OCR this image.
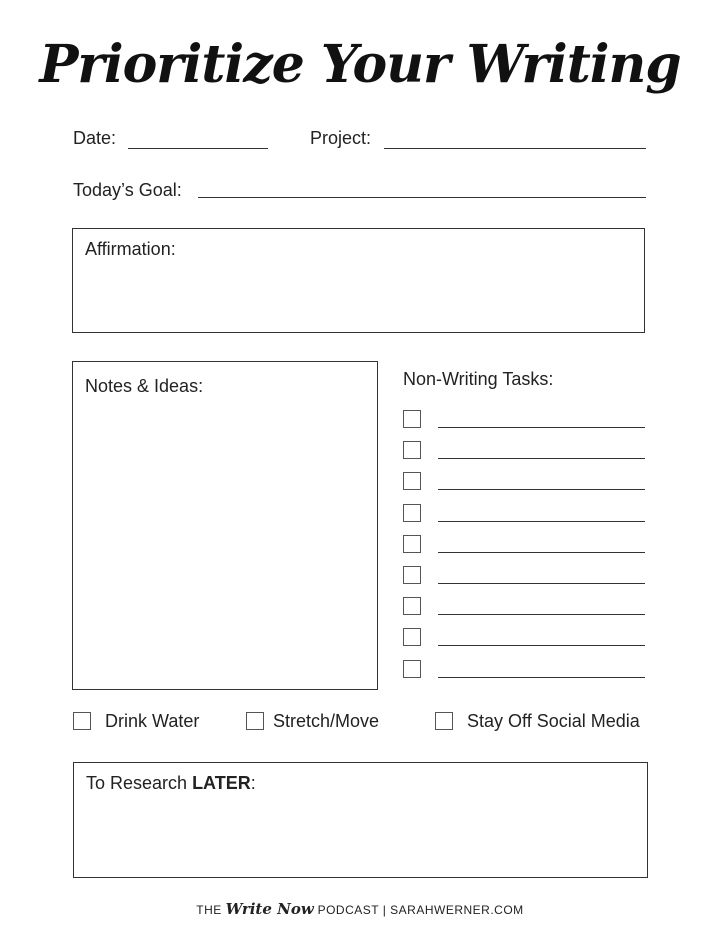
Prioritize Your Writing
Date:	Project:
Today’s Goal:
Affirmation:
Notes & Ideas:	Non-Writing Tasks:
Drink Water	Stretch/Move	Stay Off Social Media
To Research LATER:
THE Write Now PODCAST | SARAHWERNER.COM
